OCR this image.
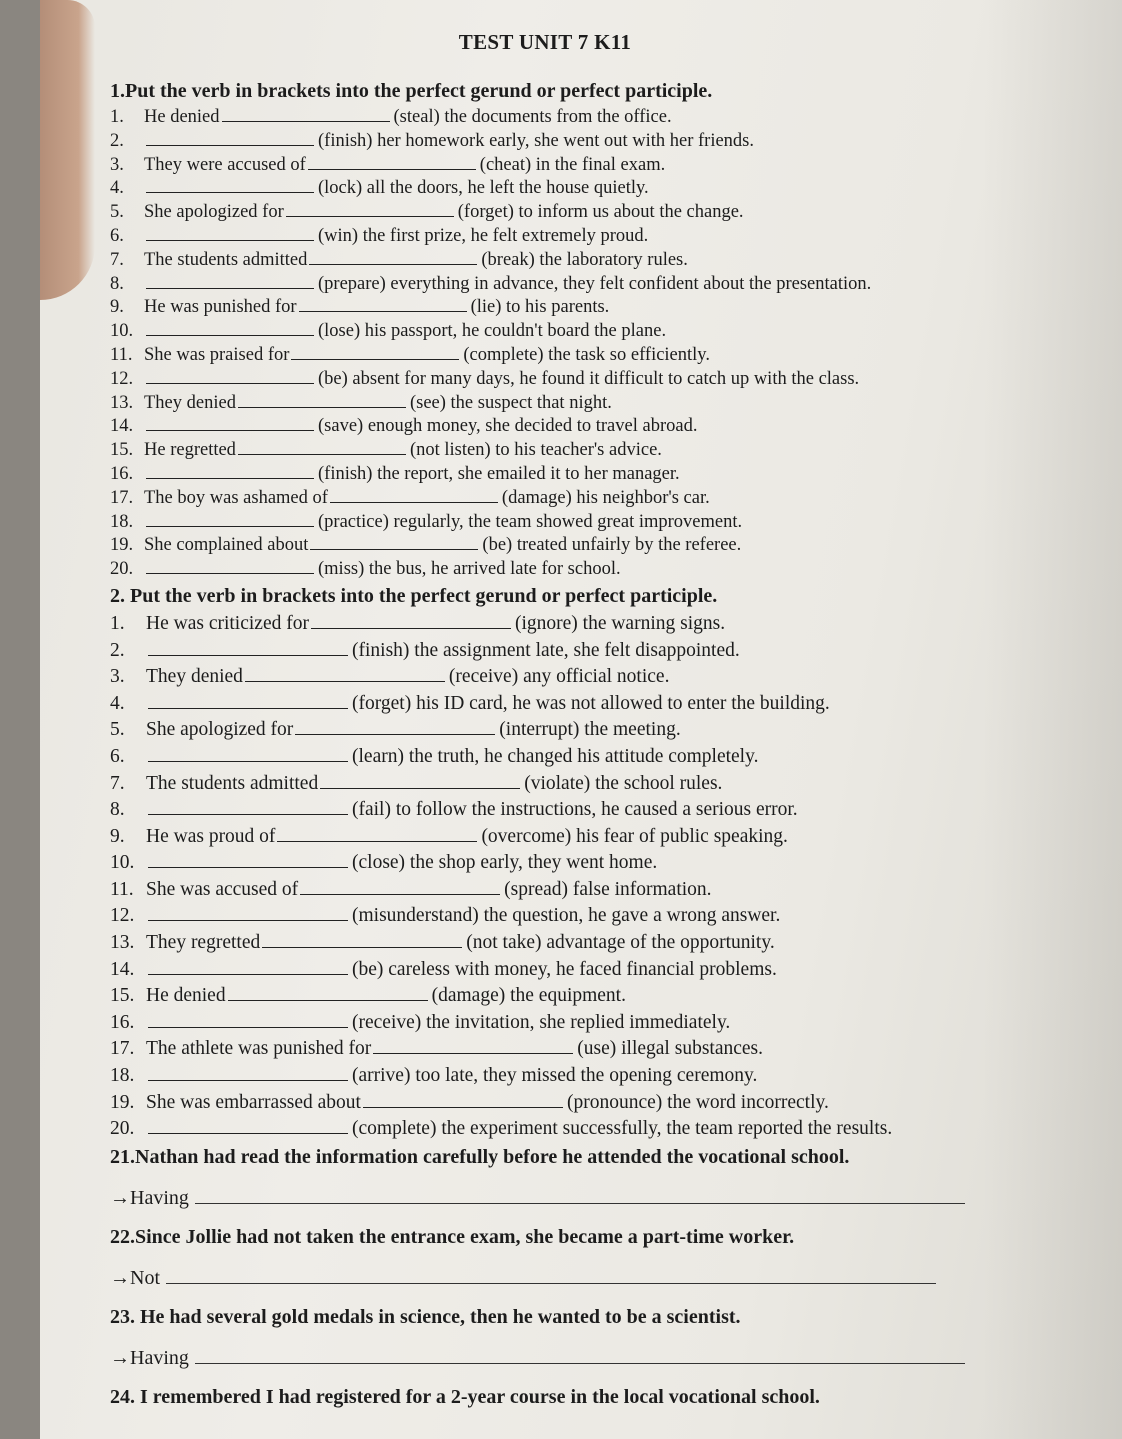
TEST UNIT 7 K11
1.Put the verb in brackets into the perfect gerund or perfect participle.
1. He denied	(steal) the documents from the office.
2.	(finish) her homework early, she went out with her friends.
3. They were accused of	(cheat) in the final exam.
4.	(lock) all the doors, he left the house quietly.
5. She apologized for	(forget) to inform us about the change.
6.	(win) the first prize, he felt extremely proud.
7. The students admitted	(break) the laboratory rules.
8.	(prepare) everything in advance, they felt confident about the presentation.
9. He was punished for	(lie) to his parents.
10.	(lose) his passport, he couldn't board the plane.
11. She was praised for	(complete) the task so efficiently.
12.	(be) absent for many days, he found it difficult to catch up with the class.
13. They denied	(see) the suspect that night.
14.	(save) enough money, she decided to travel abroad.
15. He regretted	(not listen) to his teacher's advice.
16.	(finish) the report, she emailed it to her manager.
17. The boy was ashamed of	(damage) his neighbor's car.
18.	(practice) regularly, the team showed great improvement.
19. She complained about	(be) treated unfairly by the referee.
20.	(miss) the bus, he arrived late for school.
2. Put the verb in brackets into the perfect gerund or perfect participle.
1. He was criticized for	(ignore) the warning signs.
2.	(finish) the assignment late, she felt disappointed.
3. They denied	(receive) any official notice.
4.	(forget) his ID card, he was not allowed to enter the building.
5. She apologized for	(interrupt) the meeting.
6.	(learn) the truth, he changed his attitude completely.
7. The students admitted	(violate) the school rules.
8.	(fail) to follow the instructions, he caused a serious error.
9. He was proud of	(overcome) his fear of public speaking.
10.	(close) the shop early, they went home.
11. She was accused of	(spread) false information.
12.	(misunderstand) the question, he gave a wrong answer.
13. They regretted	(not take) advantage of the opportunity.
14.	(be) careless with money, he faced financial problems.
15. He denied	(damage) the equipment.
16.	(receive) the invitation, she replied immediately.
17. The athlete was punished for	(use) illegal substances.
18.	(arrive) too late, they missed the opening ceremony.
19. She was embarrassed about	(pronounce) the word incorrectly.
20.	(complete) the experiment successfully, the team reported the results.
21.Nathan had read the information carefully before he attended the vocational school.
→Having
22.Since Jollie had not taken the entrance exam, she became a part-time worker.
→Not
23. He had several gold medals in science, then he wanted to be a scientist.
→Having
24. I remembered I had registered for a 2-year course in the local vocational school.
